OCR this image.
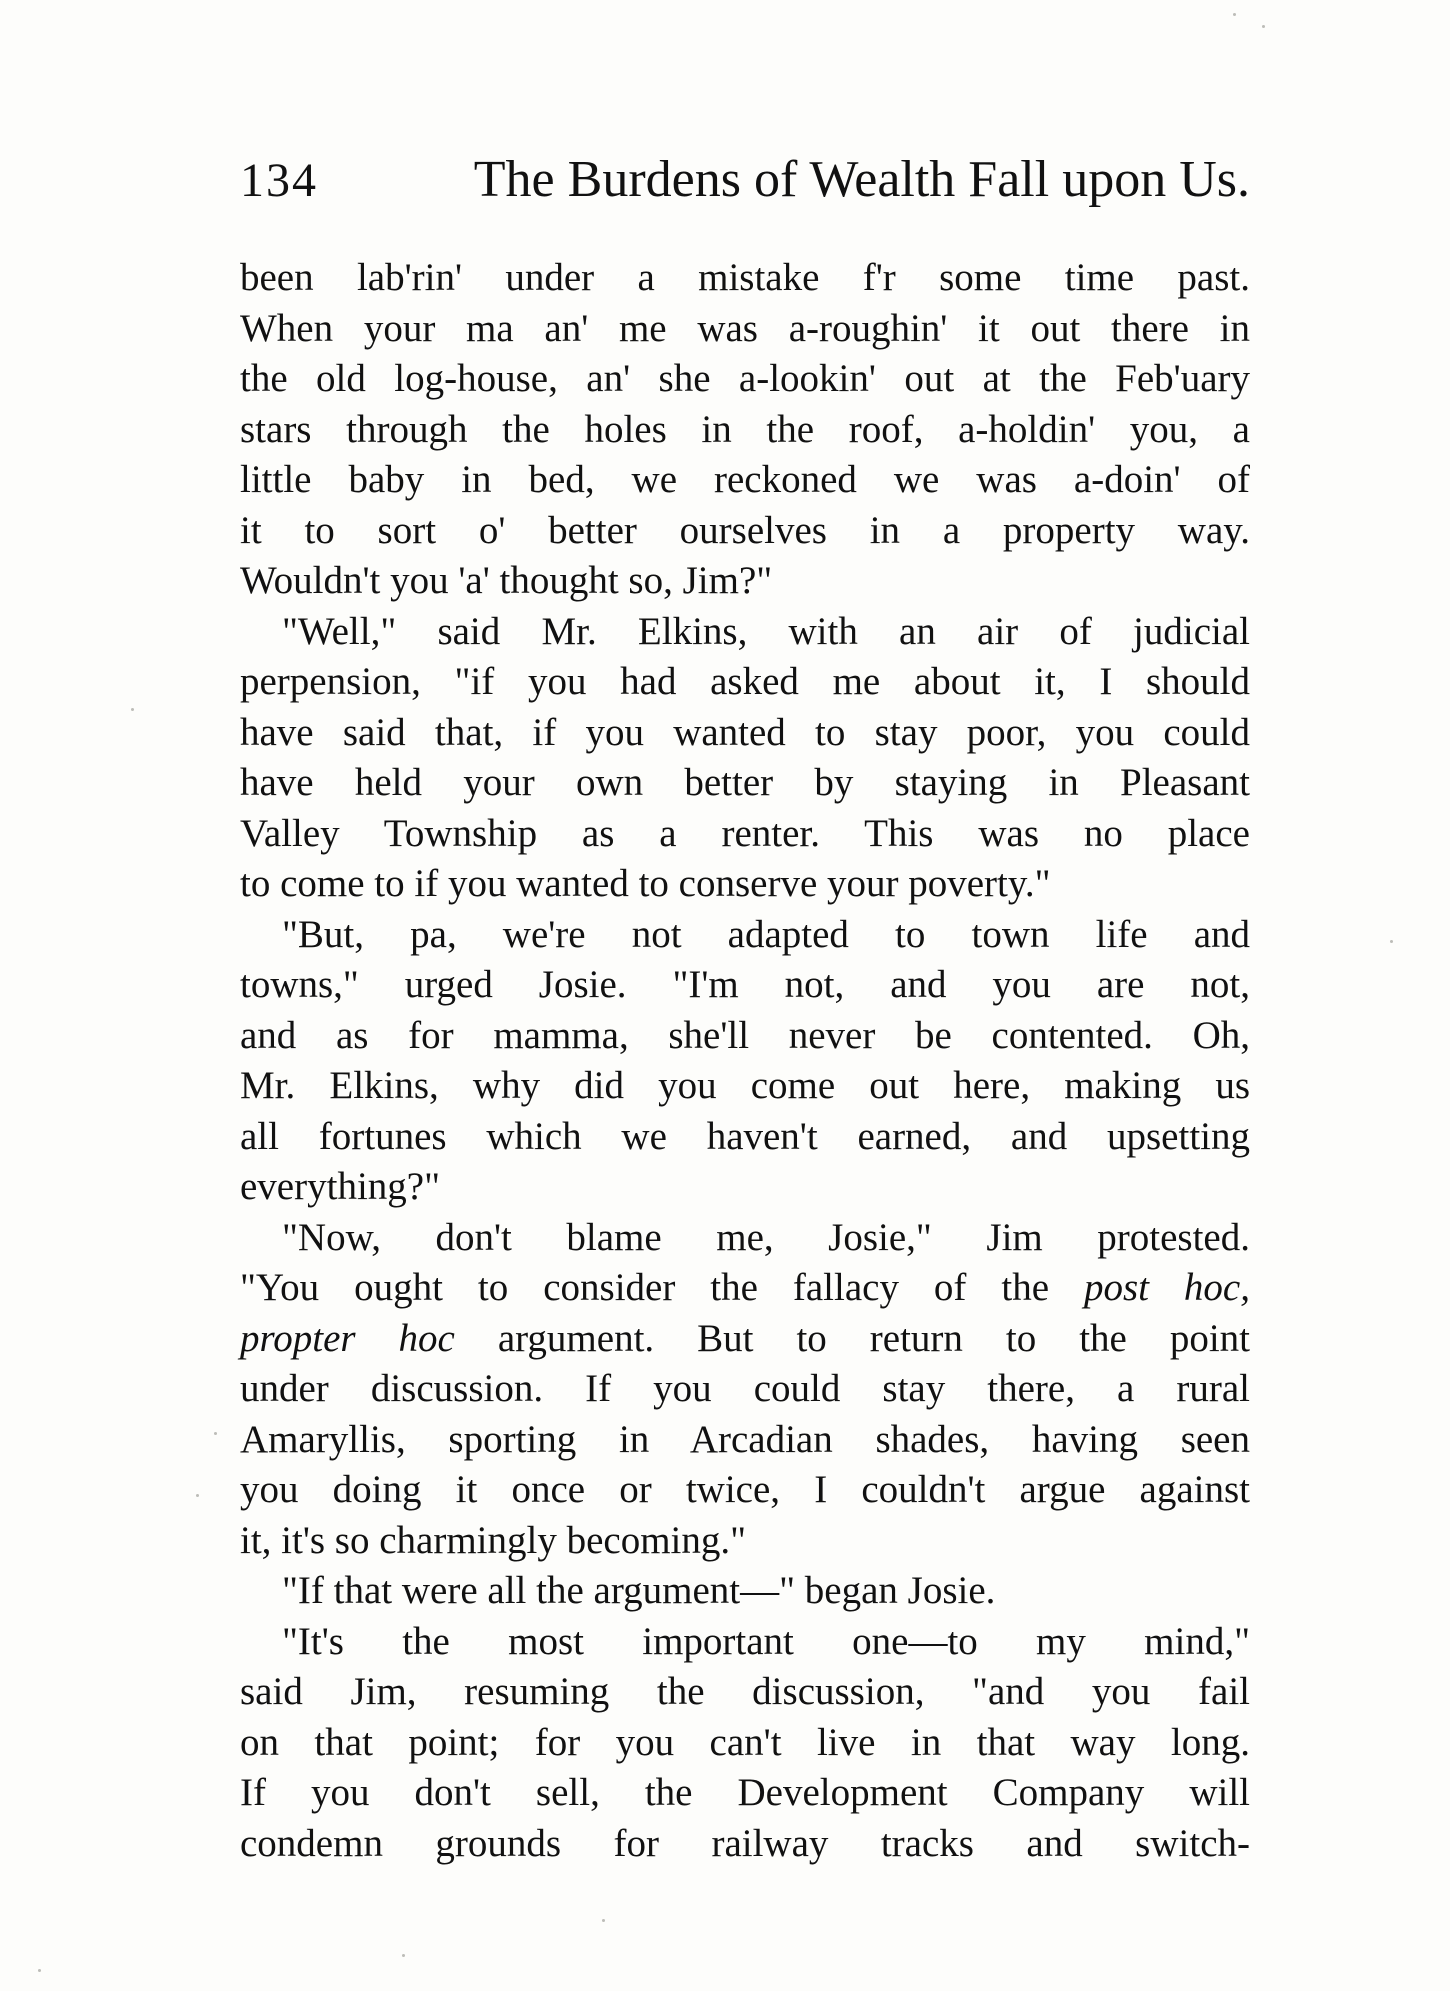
134	The Burdens of Wealth Fall upon Us.
been lab'rin' under a mistake f'r some time past.
When your ma an' me was a-roughin' it out there in
the old log-house, an' she a-lookin' out at the Feb'uary
stars through the holes in the roof, a-holdin' you, a
little baby in bed, we reckoned we was a-doin' of
it to sort o' better ourselves in a property way.
Wouldn't you 'a' thought so, Jim?"
"Well," said Mr. Elkins, with an air of judicial
perpension, "if you had asked me about it, I should
have said that, if you wanted to stay poor, you could
have held your own better by staying in Pleasant
Valley Township as a renter. This was no place
to come to if you wanted to conserve your poverty."
"But, pa, we're not adapted to town life and
towns," urged Josie. "I'm not, and you are not,
and as for mamma, she'll never be contented. Oh,
Mr. Elkins, why did you come out here, making us
all fortunes which we haven't earned, and upsetting
everything?"
"Now, don't blame me, Josie," Jim protested.
"You ought to consider the fallacy of the post hoc,
propter hoc argument. But to return to the point
under discussion. If you could stay there, a rural
Amaryllis, sporting in Arcadian shades, having seen
you doing it once or twice, I couldn't argue against
it, it's so charmingly becoming."
"If that were all the argument—" began Josie.
"It's the most important one—to my mind,"
said Jim, resuming the discussion, "and you fail
on that point; for you can't live in that way long.
If you don't sell, the Development Company will
condemn grounds for railway tracks and switch-
